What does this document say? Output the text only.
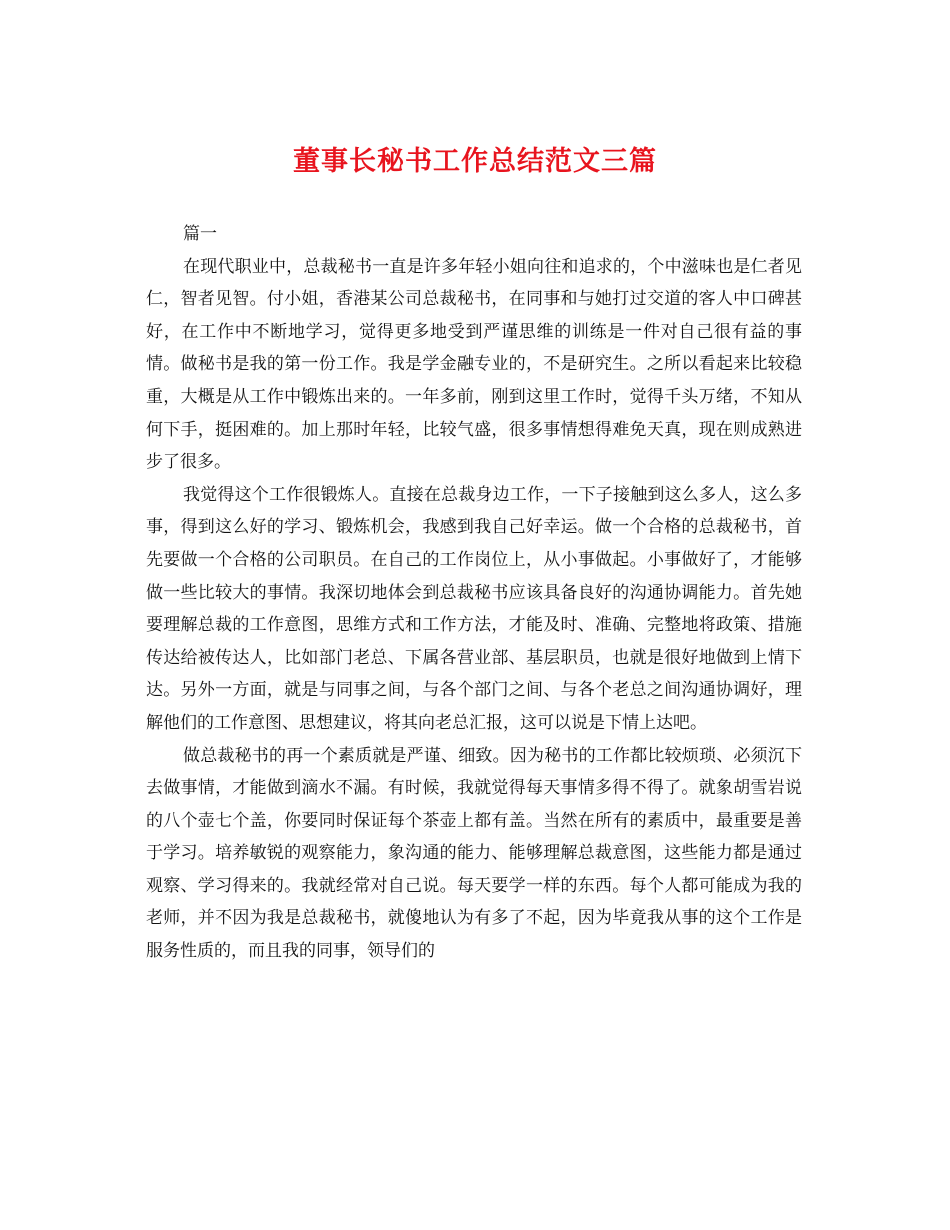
董事长秘书工作总结范文三篇

篇一

在现代职业中，总裁秘书一直是许多年轻小姐向往和追求的，个中滋味也是仁者见仁，智者见智。付小姐，香港某公司总裁秘书，在同事和与她打过交道的客人中口碑甚好，在工作中不断地学习，觉得更多地受到严谨思维的训练是一件对自己很有益的事情。做秘书是我的第一份工作。我是学金融专业的，不是研究生。之所以看起来比较稳重，大概是从工作中锻炼出来的。一年多前，刚到这里工作时，觉得千头万绪，不知从何下手，挺困难的。加上那时年轻，比较气盛，很多事情想得难免天真，现在则成熟进步了很多。

我觉得这个工作很锻炼人。直接在总裁身边工作，一下子接触到这么多人，这么多事，得到这么好的学习、锻炼机会，我感到我自己好幸运。做一个合格的总裁秘书，首先要做一个合格的公司职员。在自己的工作岗位上，从小事做起。小事做好了，才能够做一些比较大的事情。我深切地体会到总裁秘书应该具备良好的沟通协调能力。首先她要理解总裁的工作意图，思维方式和工作方法，才能及时、准确、完整地将政策、措施传达给被传达人，比如部门老总、下属各营业部、基层职员，也就是很好地做到上情下达。另外一方面，就是与同事之间，与各个部门之间、与各个老总之间沟通协调好，理解他们的工作意图、思想建议，将其向老总汇报，这可以说是下情上达吧。

做总裁秘书的再一个素质就是严谨、细致。因为秘书的工作都比较烦琐、必须沉下去做事情，才能做到滴水不漏。有时候，我就觉得每天事情多得不得了。就象胡雪岩说的八个壶七个盖，你要同时保证每个茶壶上都有盖。当然在所有的素质中，最重要是善于学习。培养敏锐的观察能力，象沟通的能力、能够理解总裁意图，这些能力都是通过观察、学习得来的。我就经常对自己说。每天要学一样的东西。每个人都可能成为我的老师，并不因为我是总裁秘书，就傻地认为有多了不起，因为毕竟我从事的这个工作是服务性质的，而且我的同事，领导们的
